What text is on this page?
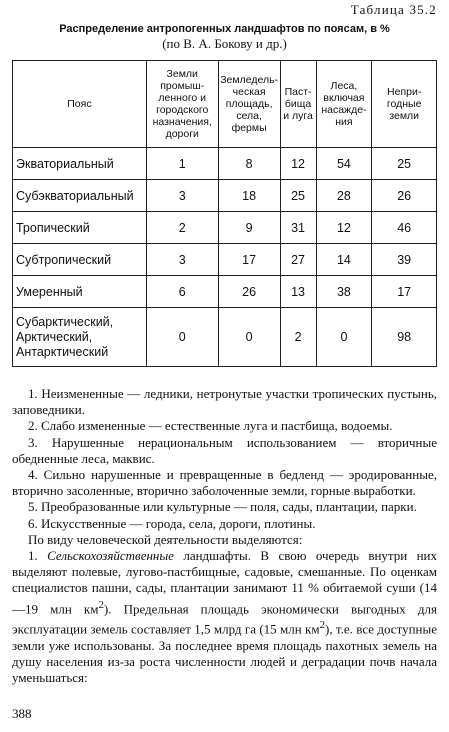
Таблица 35.2
Распределение антропогенных ландшафтов по поясам, в %
(по В. А. Бокову и др.)
Пояс	Земли промыш-ленного и городского назначения, дороги	Земледель-ческая площадь, села, фермы	Паст-бища и луга	Леса, включая насажде-ния	Непри-годные земли
Экваториальный	1	8	12	54	25
Субэкваториальный	3	18	25	28	26
Тропический	2	9	31	12	46
Субтропический	3	17	27	14	39
Умеренный	6	26	13	38	17

Субарктический,
Арктический,
Антарктический	0	0	2	0	98

1. Неизмененные — ледники, нетронутые участки тропических пустынь, заповедники.

2. Слабо измененные — естественные луга и пастбища, водоемы.

3. Нарушенные нерациональным использованием — вторичные обедненные леса, маквис.

4. Сильно нарушенные и превращенные в бедленд — эродированные, вторично засоленные, вторично заболоченные земли, горные выработки.

5. Преобразованные или культурные — поля, сады, плантации, парки.

6. Искусственные — города, села, дороги, плотины.

По виду человеческой деятельности выделяются:

1. Сельскохозяйственные ландшафты. В свою очередь внутри них выделяют полевые, лугово-пастбищные, садовые, смешанные. По оценкам специалистов пашни, сады, плантации занимают 11 % обитаемой суши (14—19 млн $км^2$). Предельная площадь экономически выгодных для эксплуатации земель составляет 1,5 млрд га (15 млн $км^2$), т.е. все доступные земли уже использованы. За последнее время площадь пахотных земель на душу населения из-за роста численности людей и деградации почв начала уменьшаться:

388
